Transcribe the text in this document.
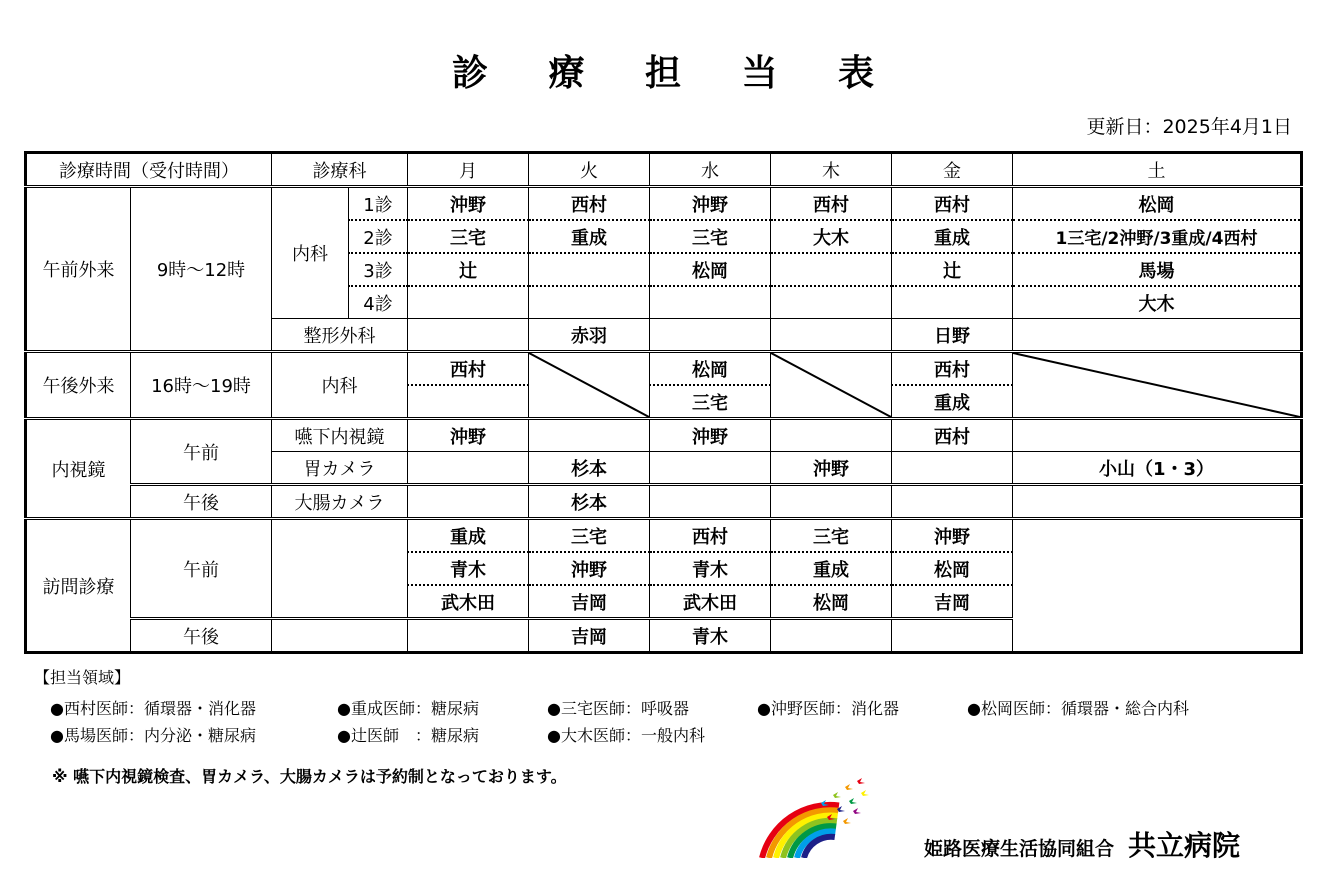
診 療 担 当 表
更新日：2025年4月1日
診療時間（受付時間）		診療科		月	火	水	木	金	土
午前外来	9時～12時	内科	1診	沖野	西村	沖野	西村	西村	松岡
			2診	三宅	重成	三宅	大木	重成	1三宅/2沖野/3重成/4西村
			3診	辻		松岡		辻	馬場
			4診						大木
		整形外科			赤羽			日野	
午後外来	16時～19時	内科		西村		松岡		西村	

						三宅		重成	
内視鏡	午前	嚥下内視鏡		沖野		沖野		西村	
		胃カメラ			杉本		沖野		小山（1・3）
	午後	大腸カメラ			杉本				
訪問診療	午前			重成	三宅	西村	三宅	沖野	
				青木	沖野	青木	重成	松岡	
				武木田	吉岡	武木田	松岡	吉岡	
	午後				吉岡	青木			
【担当領域】
●西村医師：循環器・消化器	●重成医師：糖尿病	●三宅医師：呼吸器	●沖野医師：消化器	●松岡医師：循環器・総合内科
●馬場医師：内分泌・糖尿病	●辻医師　：糖尿病	●大木医師：一般内科
※ 嚥下内視鏡検査、胃カメラ、大腸カメラは予約制となっております。
姫路医療生活協同組合 共立病院
